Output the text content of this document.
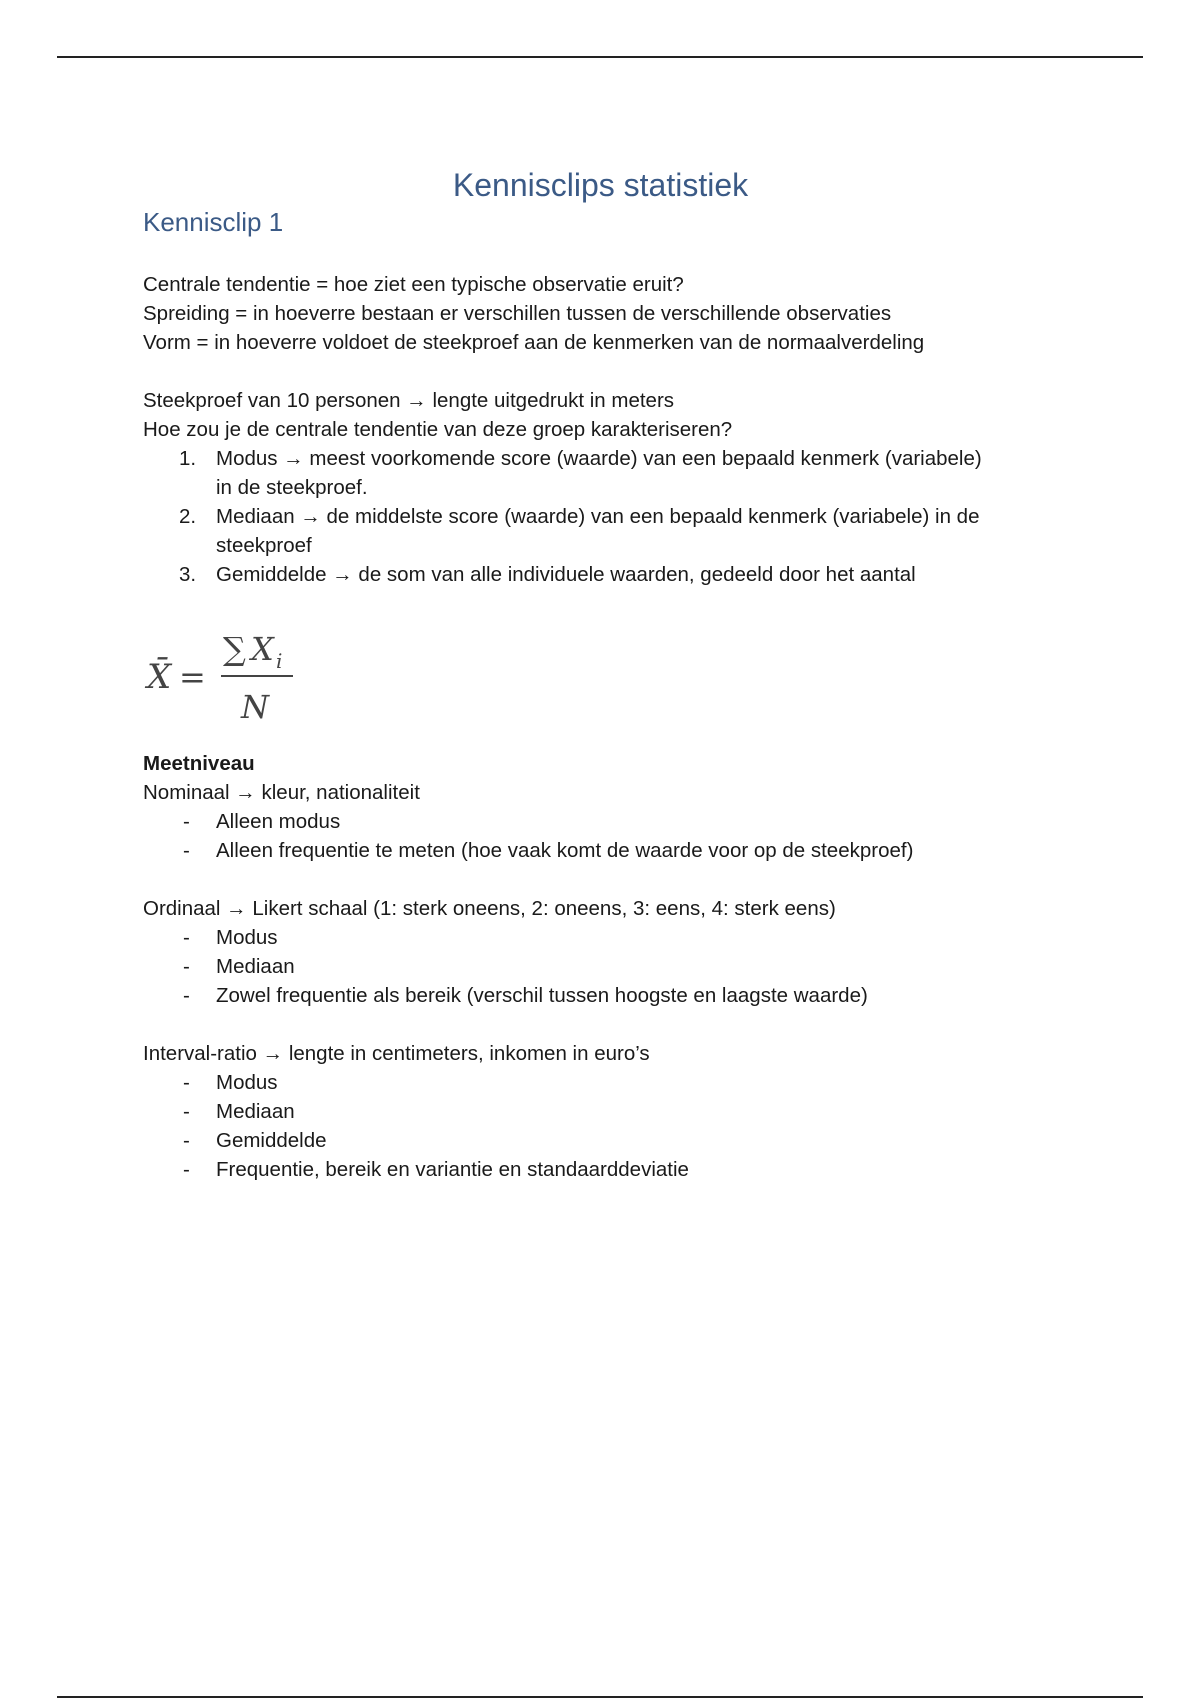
Kennisclips statistiek
Kennisclip 1

Centrale tendentie = hoe ziet een typische observatie eruit?

Spreiding = in hoeverre bestaan er verschillen tussen de verschillende observaties

Vorm = in hoeverre voldoet de steekproef aan de kenmerken van de normaalverdeling

Steekproef van 10 personen → lengte uitgedrukt in meters

Hoe zou je de centrale tendentie van deze groep karakteriseren?

1. Modus → meest voorkomende score (waarde) van een bepaald kenmerk (variabele)

in de steekproef.

2. Mediaan → de middelste score (waarde) van een bepaald kenmerk (variabele) in de

steekproef

3. Gemiddelde → de som van alle individuele waarden, gedeeld door het aantal

X̄ =
∑ X i
N

Meetniveau

Nominaal → kleur, nationaliteit

- Alleen modus

- Alleen frequentie te meten (hoe vaak komt de waarde voor op de steekproef)

Ordinaal → Likert schaal (1: sterk oneens, 2: oneens, 3: eens, 4: sterk eens)

- Modus

- Mediaan

- Zowel frequentie als bereik (verschil tussen hoogste en laagste waarde)

Interval-ratio → lengte in centimeters, inkomen in euro’s

- Modus

- Mediaan

- Gemiddelde

- Frequentie, bereik en variantie en standaarddeviatie
